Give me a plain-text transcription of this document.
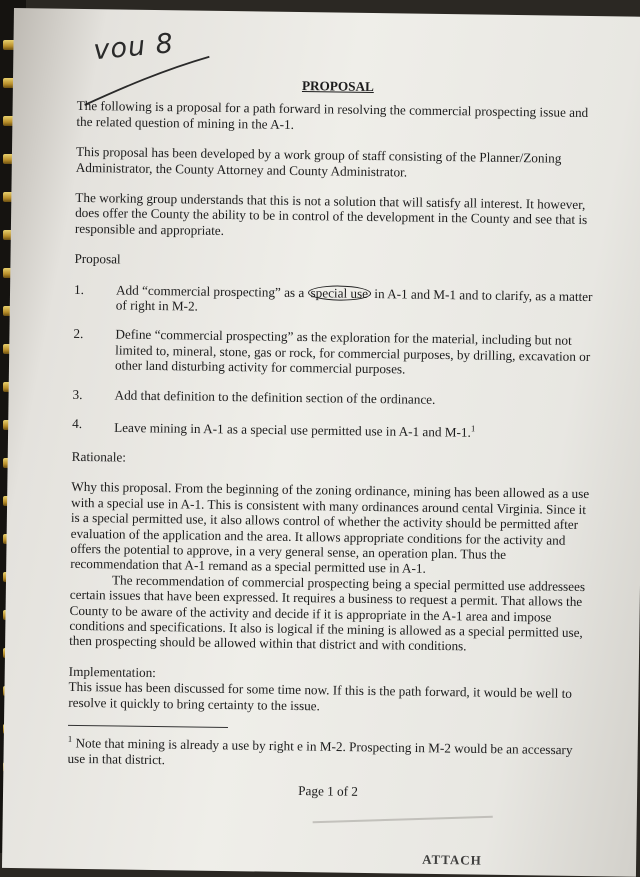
vou 8
PROPOSAL

The following is a proposal for a path forward in resolving the commercial prospecting issue and the related question of mining in the A-1.

This proposal has been developed by a work group of staff consisting of the Planner/Zoning Administrator, the County Attorney and County Administrator.

The working group understands that this is not a solution that will satisfy all interest. It however, does offer the County the ability to be in control of the development in the County and see that is responsible and appropriate.

Proposal

1.	Add “commercial prospecting” as a special use in A-1 and M-1 and to clarify, as a matter of right in M-2.
2.	Define “commercial prospecting” as the exploration for the material, including but not limited to, mineral, stone, gas or rock, for commercial purposes, by drilling, excavation or other land disturbing activity for commercial purposes.
3.	Add that definition to the definition section of the ordinance.
4.	Leave mining in A-1 as a special use permitted use in A-1 and M-1.$^1$

Rationale:

Why this proposal. From the beginning of the zoning ordinance, mining has been allowed as a use with a special use in A-1. This is consistent with many ordinances around cental Virginia. Since it is a special permitted use, it also allows control of whether the activity should be permitted after evaluation of the application and the area. It allows appropriate conditions for the activity and offers the potential to approve, in a very general sense, an operation plan. Thus the recommendation that A-1 remand as a special permitted use in A-1.

The recommendation of commercial prospecting being a special permitted use addressees certain issues that have been expressed. It requires a business to request a permit. That allows the County to be aware of the activity and decide if it is appropriate in the A-1 area and impose conditions and specifications. It also is logical if the mining is allowed as a special permitted use, then prospecting should be allowed within that district and with conditions.

Implementation:

This issue has been discussed for some time now. If this is the path forward, it would be well to resolve it quickly to bring certainty to the issue.

$^1$ Note that mining is already a use by right e in M-2. Prospecting in M-2 would be an accessary use in that district.

Page 1 of 2
ATTACH
